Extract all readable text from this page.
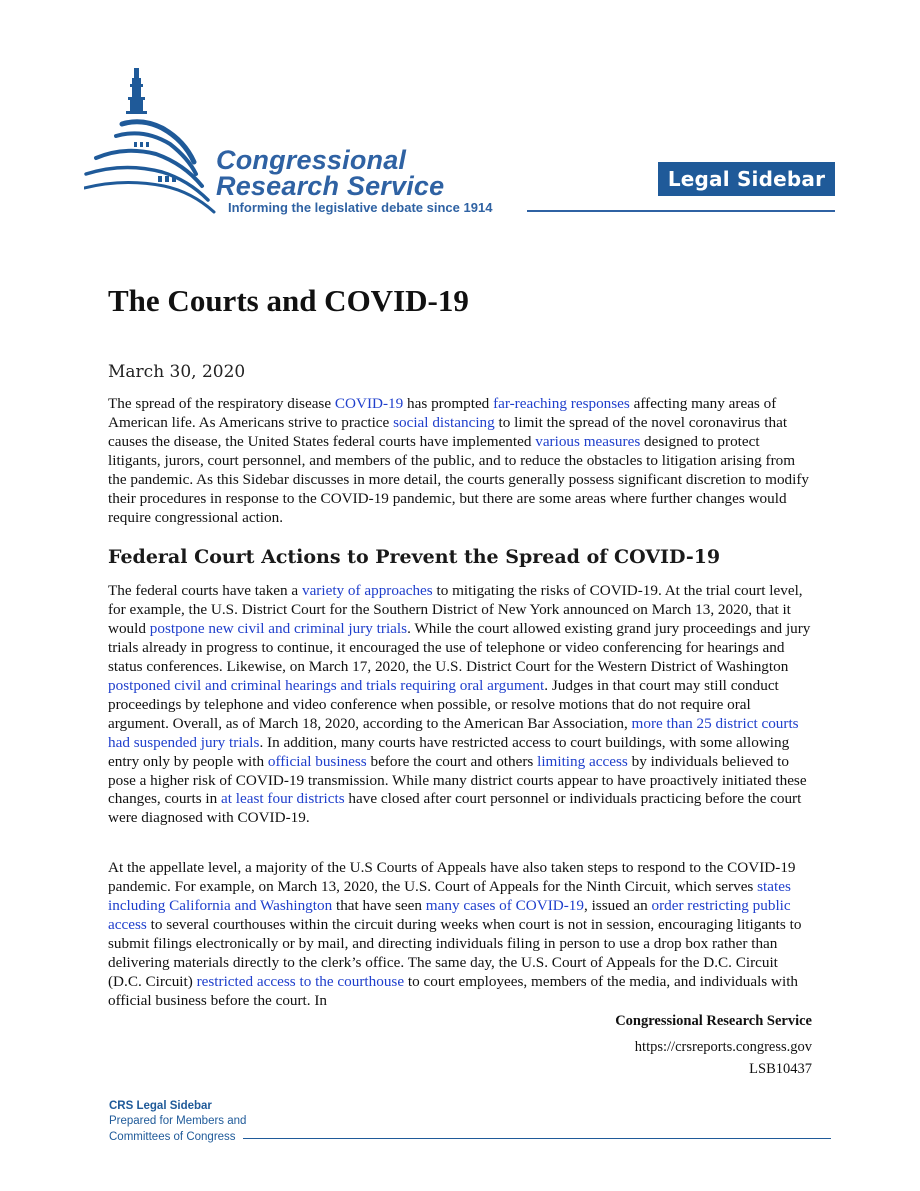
Congressional
Research Service
Informing the legislative debate since 1914
Legal Sidebar
The Courts and COVID-19
March 30, 2020

The spread of the respiratory disease COVID-19 has prompted far-reaching responses affecting many areas of American life. As Americans strive to practice social distancing to limit the spread of the novel coronavirus that causes the disease, the United States federal courts have implemented various measures designed to protect litigants, jurors, court personnel, and members of the public, and to reduce the obstacles to litigation arising from the pandemic. As this Sidebar discusses in more detail, the courts generally possess significant discretion to modify their procedures in response to the COVID-19 pandemic, but there are some areas where further changes would require congressional action.

Federal Court Actions to Prevent the Spread of COVID-19

The federal courts have taken a variety of approaches to mitigating the risks of COVID-19. At the trial court level, for example, the U.S. District Court for the Southern District of New York announced on March 13, 2020, that it would postpone new civil and criminal jury trials. While the court allowed existing grand jury proceedings and jury trials already in progress to continue, it encouraged the use of telephone or video conferencing for hearings and status conferences. Likewise, on March 17, 2020, the U.S. District Court for the Western District of Washington postponed civil and criminal hearings and trials requiring oral argument. Judges in that court may still conduct proceedings by telephone and video conference when possible, or resolve motions that do not require oral argument. Overall, as of March 18, 2020, according to the American Bar Association, more than 25 district courts had suspended jury trials. In addition, many courts have restricted access to court buildings, with some allowing entry only by people with official business before the court and others limiting access by individuals believed to pose a higher risk of COVID-19 transmission. While many district courts appear to have proactively initiated these changes, courts in at least four districts have closed after court personnel or individuals practicing before the court were diagnosed with COVID-19.

At the appellate level, a majority of the U.S Courts of Appeals have also taken steps to respond to the COVID-19 pandemic. For example, on March 13, 2020, the U.S. Court of Appeals for the Ninth Circuit, which serves states including California and Washington that have seen many cases of COVID-19, issued an order restricting public access to several courthouses within the circuit during weeks when court is not in session, encouraging litigants to submit filings electronically or by mail, and directing individuals filing in person to use a drop box rather than delivering materials directly to the clerk’s office. The same day, the U.S. Court of Appeals for the D.C. Circuit (D.C. Circuit) restricted access to the courthouse to court employees, members of the media, and individuals with official business before the court. In

Congressional Research Service
https://crsreports.congress.gov
LSB10437
CRS Legal Sidebar
Prepared for Members and
Committees of Congress
